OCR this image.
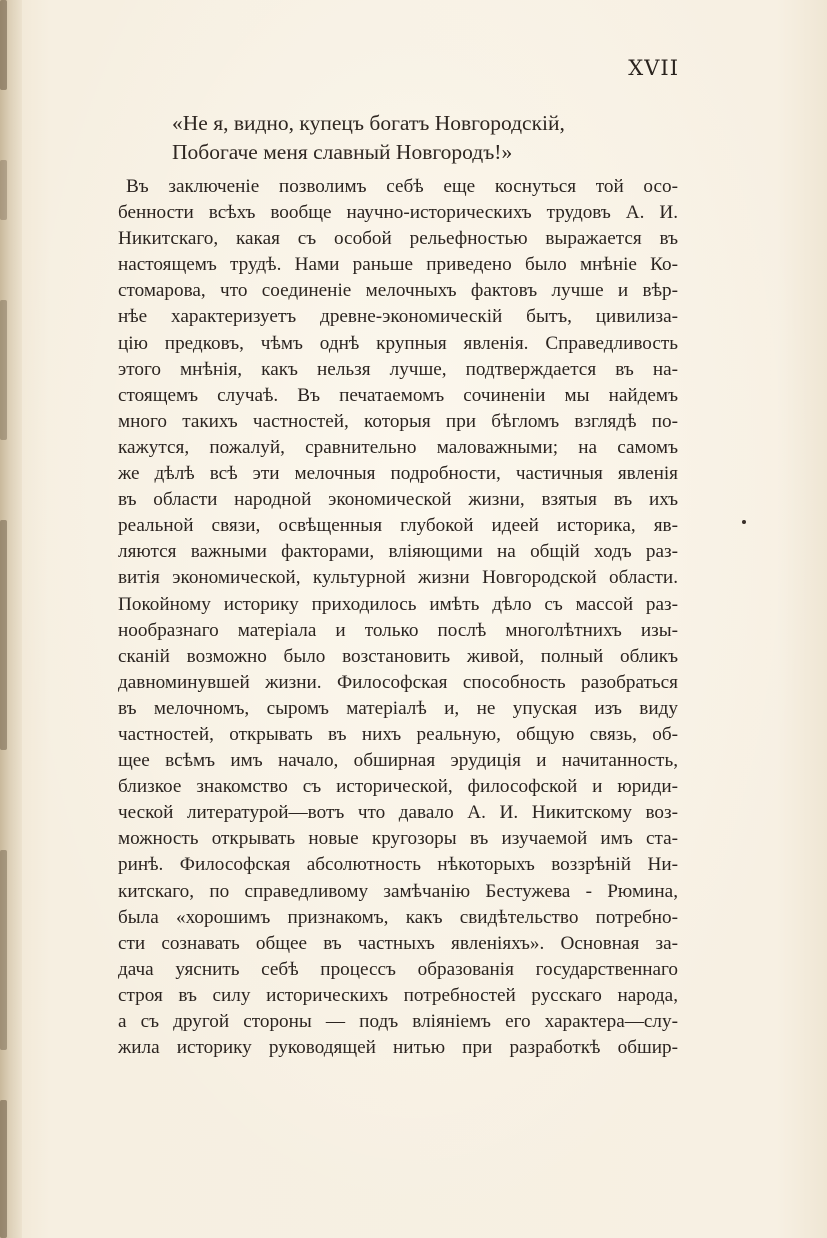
XVII
«Не я, видно, купецъ богатъ Новгородскій,
Побогаче меня славный Новгородъ!»
Въ заключеніе позволимъ себѣ еще коснуться той осо-
бенности всѣхъ вообще научно-историческихъ трудовъ А. И.
Никитскаго, какая съ особой рельефностью выражается въ
настоящемъ трудѣ. Нами раньше приведено было мнѣніе Ко-
стомарова, что соединеніе мелочныхъ фактовъ лучше и вѣр-
нѣе характеризуетъ древне-экономическій бытъ, цивилиза-
цію предковъ, чѣмъ однѣ крупныя явленія. Справедливость
этого мнѣнія, какъ нельзя лучше, подтверждается въ на-
стоящемъ случаѣ. Въ печатаемомъ сочиненіи мы найдемъ
много такихъ частностей, которыя при бѣгломъ взглядѣ по-
кажутся, пожалуй, сравнительно маловажными; на самомъ
же дѣлѣ всѣ эти мелочныя подробности, частичныя явленія
въ области народной экономической жизни, взятыя въ ихъ
реальной связи, освѣщенныя глубокой идеей историка, яв-
ляются важными факторами, вліяющими на общій ходъ раз-
витія экономической, культурной жизни Новгородской области.
Покойному историку приходилось имѣть дѣло съ массой раз-
нообразнаго матеріала и только послѣ многолѣтнихъ изы-
сканій возможно было возстановить живой, полный обликъ
давноминувшей жизни. Философская способность разобраться
въ мелочномъ, сыромъ матеріалѣ и, не упуская изъ виду
частностей, открывать въ нихъ реальную, общую связь, об-
щее всѣмъ имъ начало, обширная эрудиція и начитанность,
близкое знакомство съ исторической, философской и юриди-
ческой литературой—вотъ что давало А. И. Никитскому воз-
можность открывать новые кругозоры въ изучаемой имъ ста-
ринѣ. Философская абсолютность нѣкоторыхъ воззрѣній Ни-
китскаго, по справедливому замѣчанію Бестужева - Рюмина,
была «хорошимъ признакомъ, какъ свидѣтельство потребно-
сти сознавать общее въ частныхъ явленіяхъ». Основная за-
дача уяснить себѣ процессъ образованія государственнаго
строя въ силу историческихъ потребностей русскаго народа,
а съ другой стороны — подъ вліяніемъ его характера—слу-
жила историку руководящей нитью при разработкѣ обшир-
